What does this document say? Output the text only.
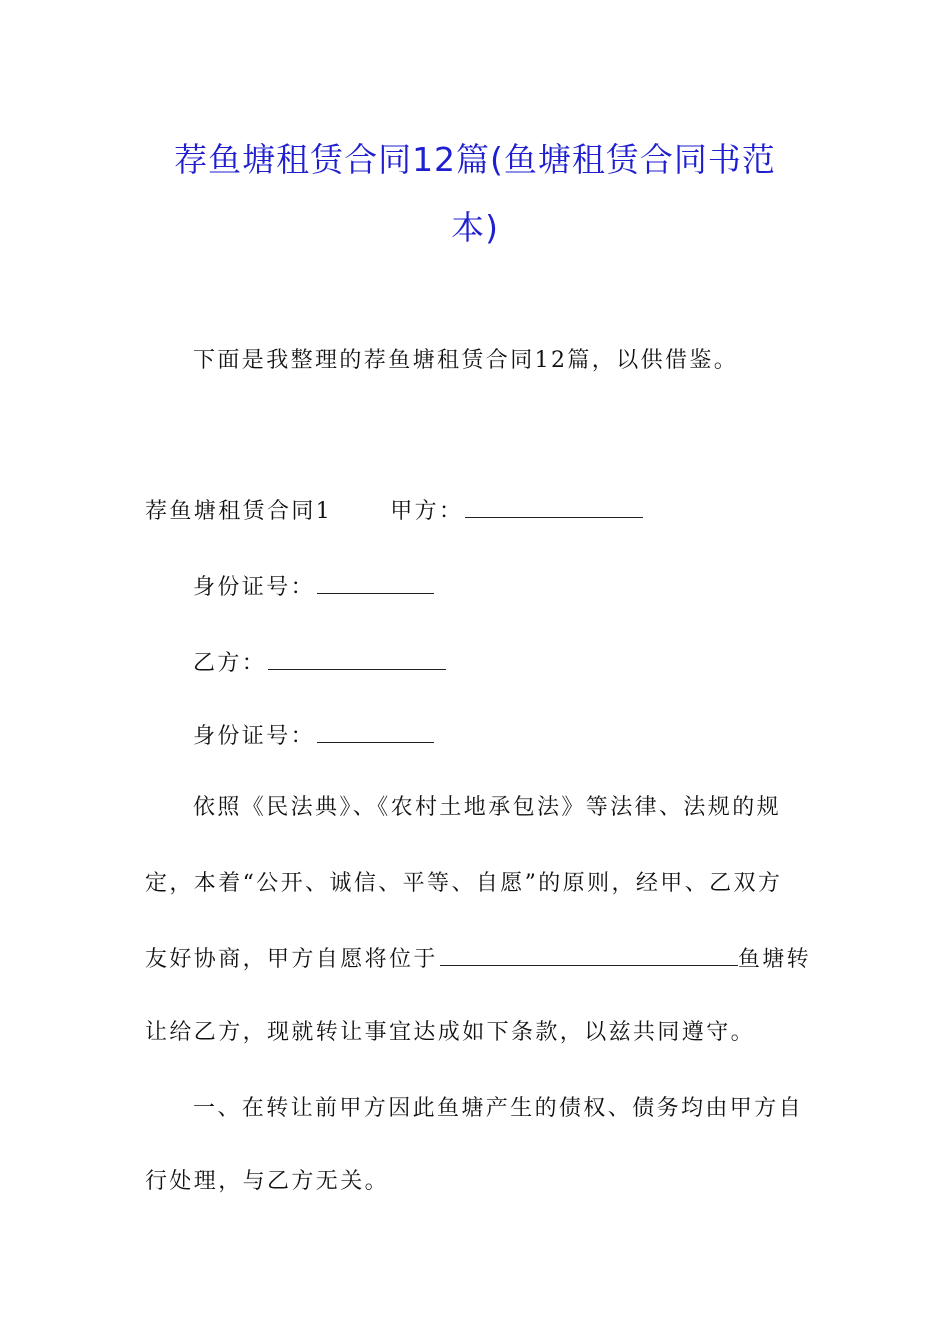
荐鱼塘租赁合同12篇(鱼塘租赁合同书范
本)
下面是我整理的荐鱼塘租赁合同12篇，以供借鉴。
荐鱼塘租赁合同1	甲方：
身份证号：
乙方：
身份证号：
依照《民法典》、《农村土地承包法》等法律、法规的规
定，本着“公开、诚信、平等、自愿”的原则，经甲、乙双方
友好协商，甲方自愿将位于	鱼塘转
让给乙方，现就转让事宜达成如下条款，以兹共同遵守。
一、在转让前甲方因此鱼塘产生的债权、债务均由甲方自
行处理，与乙方无关。
